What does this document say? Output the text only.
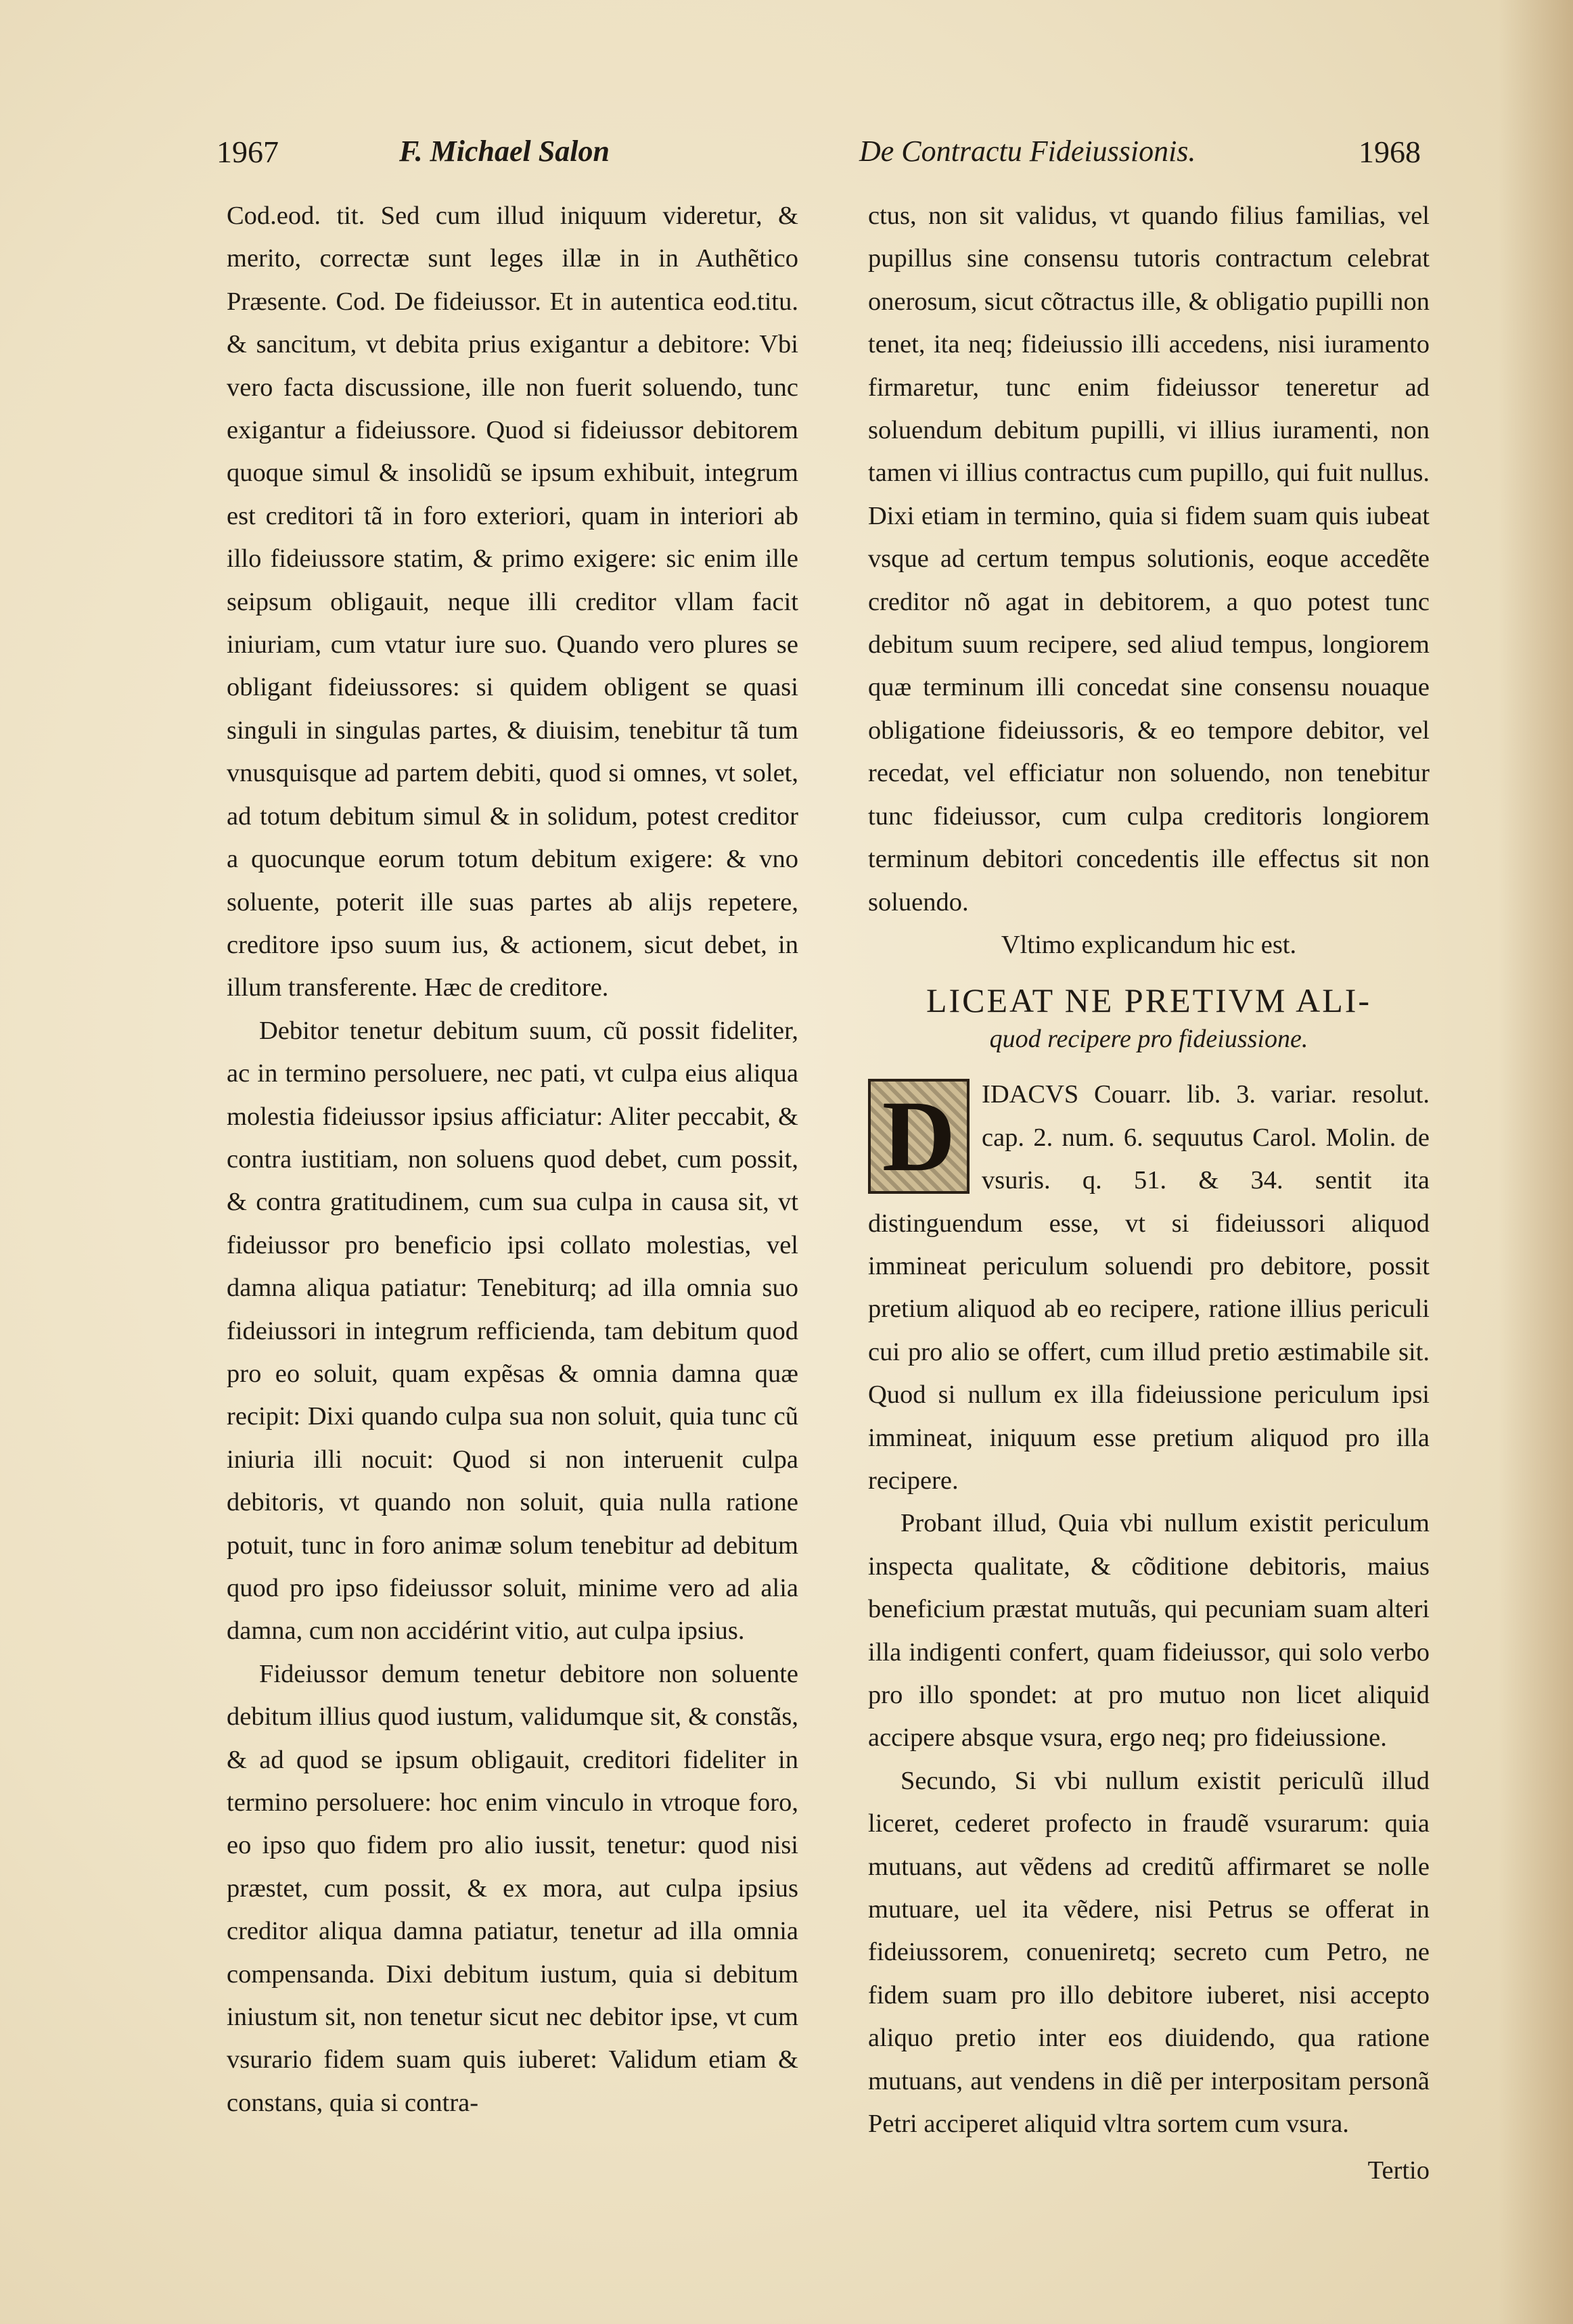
1967	F. Michael Salon	De Contractu Fideiussionis.	1968

Cod.eod. tit. Sed cum illud iniquum videretur, & merito, correctæ sunt leges illæ in in Authẽtico Præsente. Cod. De fideiussor. Et in autentica eod.titu. & sancitum, vt debita prius exigantur a debitore: Vbi vero facta discussione, ille non fuerit soluendo, tunc exigantur a fideiussore. Quod si fideiussor debitorem quoque simul & insolidũ se ipsum exhibuit, integrum est creditori tã in foro exteriori, quam in interiori ab illo fideiussore statim, & primo exigere: sic enim ille seipsum obligauit, neque illi creditor vllam facit iniuriam, cum vtatur iure suo. Quando vero plures se obligant fideiussores: si quidem obligent se quasi singuli in singulas partes, & diuisim, tenebitur tã tum vnusquisque ad partem debiti, quod si omnes, vt solet, ad totum debitum simul & in solidum, potest creditor a quocunque eorum totum debitum exigere: & vno soluente, poterit ille suas partes ab alijs repetere, creditore ipso suum ius, & actionem, sicut debet, in illum transferente. Hæc de creditore.

Debitor tenetur debitum suum, cũ possit fideliter, ac in termino persoluere, nec pati, vt culpa eius aliqua molestia fideiussor ipsius afficiatur: Aliter peccabit, & contra iustitiam, non soluens quod debet, cum possit, & contra gratitudinem, cum sua culpa in causa sit, vt fideiussor pro beneficio ipsi collato molestias, vel damna aliqua patiatur: Tenebiturq; ad illa omnia suo fideiussori in integrum refficienda, tam debitum quod pro eo soluit, quam expẽsas & omnia damna quæ recipit: Dixi quando culpa sua non soluit, quia tunc cũ iniuria illi nocuit: Quod si non interuenit culpa debitoris, vt quando non soluit, quia nulla ratione potuit, tunc in foro animæ solum tenebitur ad debitum quod pro ipso fideiussor soluit, minime vero ad alia damna, cum non accidérint vitio, aut culpa ipsius.

Fideiussor demum tenetur debitore non soluente debitum illius quod iustum, validumque sit, & constãs, & ad quod se ipsum obligauit, creditori fideliter in termino persoluere: hoc enim vinculo in vtroque foro, eo ipso quo fidem pro alio iussit, tenetur: quod nisi præstet, cum possit, & ex mora, aut culpa ipsius creditor aliqua damna patiatur, tenetur ad illa omnia compensanda. Dixi debitum iustum, quia si debitum iniustum sit, non tenetur sicut nec debitor ipse, vt cum vsurario fidem suam quis iuberet: Validum etiam & constans, quia si contra-

ctus, non sit validus, vt quando filius familias, vel pupillus sine consensu tutoris contractum celebrat onerosum, sicut cõtractus ille, & obligatio pupilli non tenet, ita neq; fideiussio illi accedens, nisi iuramento firmaretur, tunc enim fideiussor teneretur ad soluendum debitum pupilli, vi illius iuramenti, non tamen vi illius contractus cum pupillo, qui fuit nullus. Dixi etiam in termino, quia si fidem suam quis iubeat vsque ad certum tempus solutionis, eoque accedẽte creditor nõ agat in debitorem, a quo potest tunc debitum suum recipere, sed aliud tempus, longiorem quæ terminum illi concedat sine consensu nouaque obligatione fideiussoris, & eo tempore debitor, vel recedat, vel efficiatur non soluendo, non tenebitur tunc fideiussor, cum culpa creditoris longiorem terminum debitori concedentis ille effectus sit non soluendo.

Vltimo explicandum hic est.

LICEAT NE PRETIVM ALI-
quod recipere pro fideiussione.
D	IDACVS Couarr. lib. 3. variar. resolut. cap. 2. num. 6. sequutus Carol. Molin. de vsuris. q. 51. & 34. sentit ita distinguendum esse, vt si fideiussori aliquod immineat periculum soluendi pro debitore, possit pretium aliquod ab eo recipere, ratione illius periculi cui pro alio se offert, cum illud pretio æstimabile sit. Quod si nullum ex illa fideiussione periculum ipsi immineat, iniquum esse pretium aliquod pro illa recipere.

Probant illud, Quia vbi nullum existit periculum inspecta qualitate, & cõditione debitoris, maius beneficium præstat mutuãs, qui pecuniam suam alteri illa indigenti confert, quam fideiussor, qui solo verbo pro illo spondet: at pro mutuo non licet aliquid accipere absque vsura, ergo neq; pro fideiussione.

Secundo, Si vbi nullum existit periculũ illud liceret, cederet profecto in fraudẽ vsurarum: quia mutuans, aut vẽdens ad creditũ affirmaret se nolle mutuare, uel ita vẽdere, nisi Petrus se offerat in fideiussorem, conueniretq; secreto cum Petro, ne fidem suam pro illo debitore iuberet, nisi accepto aliquo pretio inter eos diuidendo, qua ratione mutuans, aut vendens in diẽ per interpositam personã Petri acciperet aliquid vltra sortem cum vsura.

Tertio
